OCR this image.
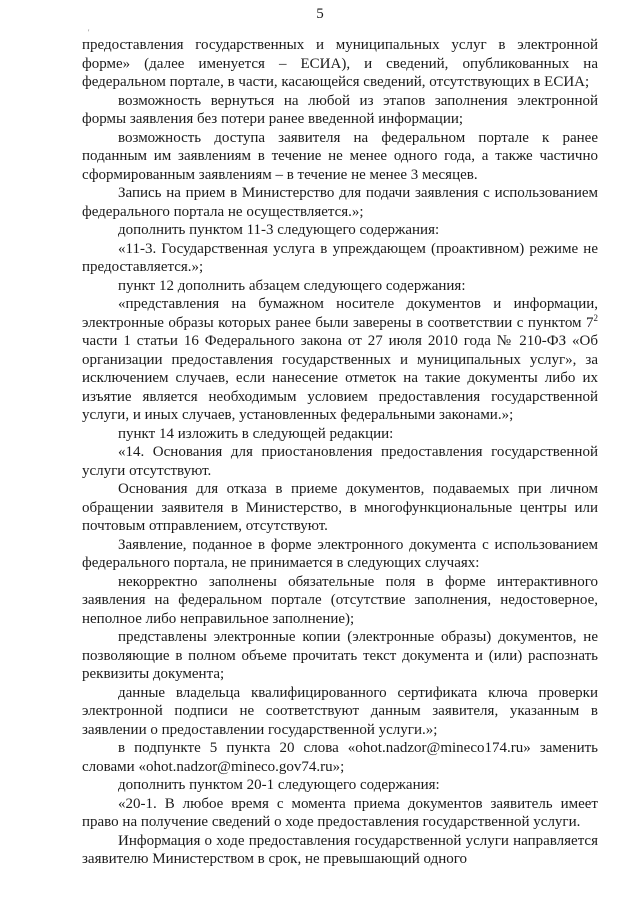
5
'

предоставления государственных и муниципальных услуг в электронной форме» (далее именуется – ЕСИА), и сведений, опубликованных на федеральном портале, в части, касающейся сведений, отсутствующих в ЕСИА;

возможность вернуться на любой из этапов заполнения электронной формы заявления без потери ранее введенной информации;

возможность доступа заявителя на федеральном портале к ранее поданным им заявлениям в течение не менее одного года, а также частично сформированным заявлениям – в течение не менее 3 месяцев.

Запись на прием в Министерство для подачи заявления с использованием федерального портала не осуществляется.»;

дополнить пунктом 11-3 следующего содержания:

«11-3. Государственная услуга в упреждающем (проактивном) режиме не предоставляется.»;

пункт 12 дополнить абзацем следующего содержания:

«представления на бумажном носителе документов и информации, электронные образы которых ранее были заверены в соответствии с пунктом $7^2$ части 1 статьи 16 Федерального закона от 27 июля 2010 года № 210-ФЗ «Об организации предоставления государственных и муниципальных услуг», за исключением случаев, если нанесение отметок на такие документы либо их изъятие является необходимым условием предоставления государственной услуги, и иных случаев, установленных федеральными законами.»;

пункт 14 изложить в следующей редакции:

«14. Основания для приостановления предоставления государственной услуги отсутствуют.

Основания для отказа в приеме документов, подаваемых при личном обращении заявителя в Министерство, в многофункциональные центры или почтовым отправлением, отсутствуют.

Заявление, поданное в форме электронного документа с использованием федерального портала, не принимается в следующих случаях:

некорректно заполнены обязательные поля в форме интерактивного заявления на федеральном портале (отсутствие заполнения, недостоверное, неполное либо неправильное заполнение);

представлены электронные копии (электронные образы) документов, не позволяющие в полном объеме прочитать текст документа и (или) распознать реквизиты документа;

данные владельца квалифицированного сертификата ключа проверки электронной подписи не соответствуют данным заявителя, указанным в заявлении о предоставлении государственной услуги.»;

в подпункте 5 пункта 20 слова «ohot.nadzor@mineco174.ru» заменить словами «ohot.nadzor@mineco.gov74.ru»;

дополнить пунктом 20-1 следующего содержания:

«20-1. В любое время с момента приема документов заявитель имеет право на получение сведений о ходе предоставления государственной услуги.

Информация о ходе предоставления государственной услуги направляется заявителю Министерством в срок, не превышающий одного
